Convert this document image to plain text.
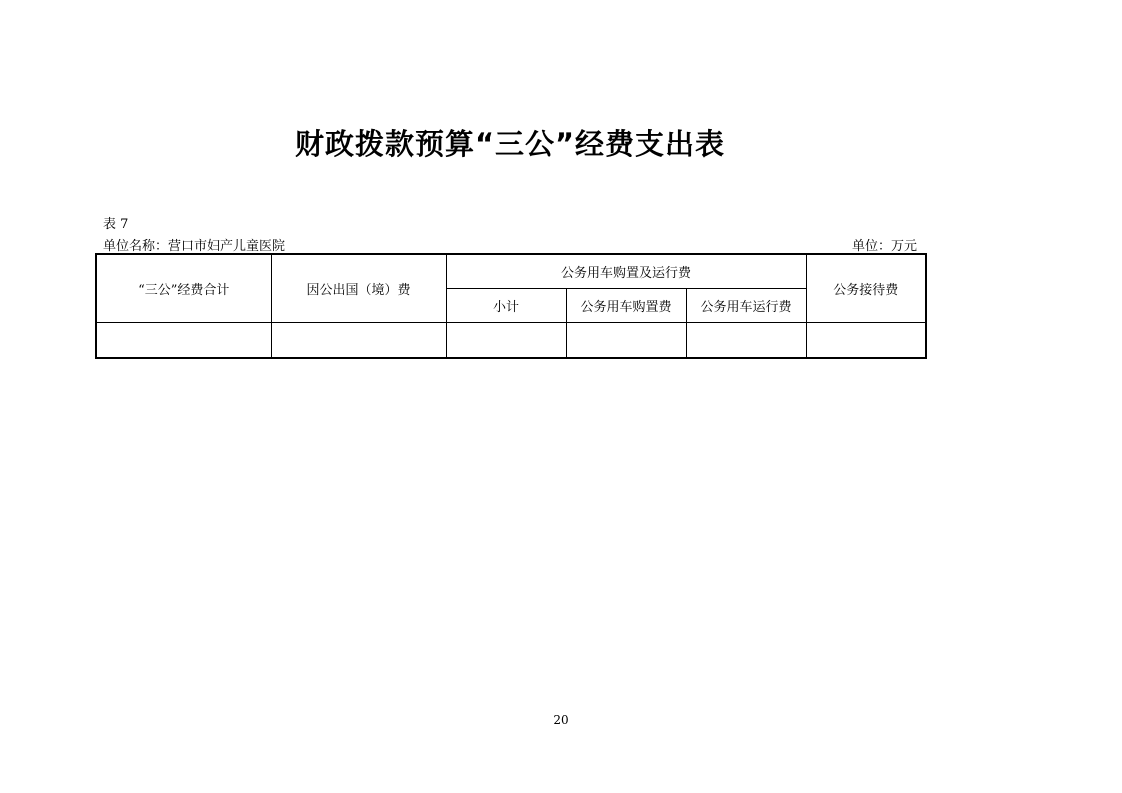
财政拨款预算“三公”经费支出表
表 7
单位名称：营口市妇产儿童医院	单位：万元
“三公”经费合计	因公出国（境）费	公务用车购置及运行费			公务接待费
		小计	公务用车购置费	公务用车运行费	

20
